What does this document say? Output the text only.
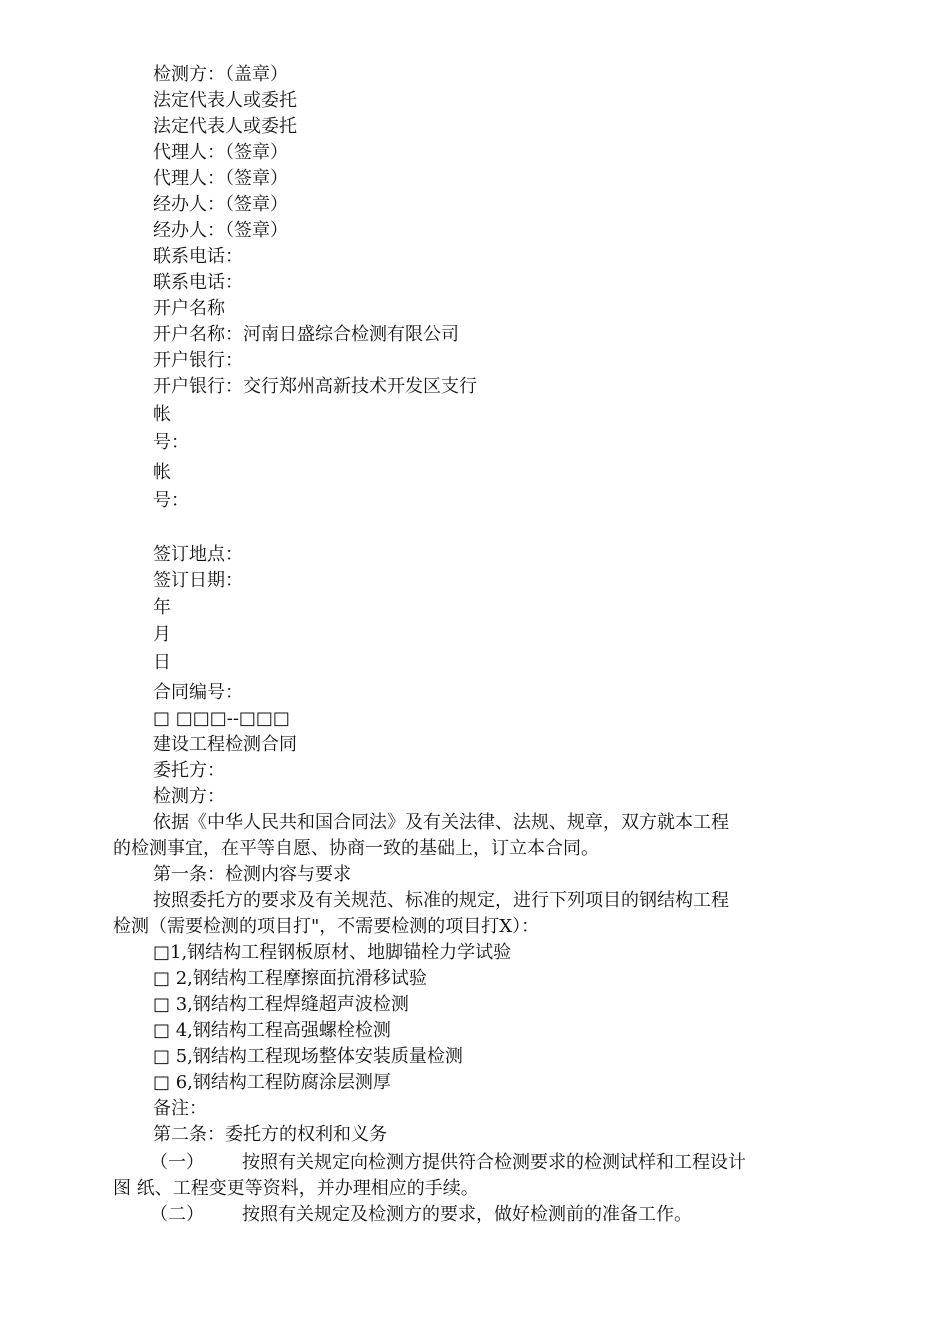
检测方：（盖章）

法定代表人或委托

法定代表人或委托

代理人：（签章）

代理人：（签章）

经办人：（签章）

经办人：（签章）

联系电话：

联系电话：

开户名称

开户名称：河南日盛综合检测有限公司

开户银行：

开户银行：交行郑州高新技术开发区支行

帐

号：

帐

号：

签订地点：

签订日期：

年

月

日

合同编号：

□ □□□--□□□

建设工程检测合同

委托方：

检测方：

依据《中华人民共和国合同法》及有关法律、法规、规章，双方就本工程

的检测事宜，在平等自愿、协商一致的基础上，订立本合同。

第一条：检测内容与要求

按照委托方的要求及有关规范、标准的规定，进行下列项目的钢结构工程

检测（需要检测的项目打"，不需要检测的项目打X）：

□1,钢结构工程钢板原材、地脚锚栓力学试验

□ 2,钢结构工程摩擦面抗滑移试验

□ 3,钢结构工程焊缝超声波检测

□ 4,钢结构工程高强螺栓检测

□ 5,钢结构工程现场整体安装质量检测

□ 6,钢结构工程防腐涂层测厚

备注：

第二条：委托方的权利和义务

（一） 按照有关规定向检测方提供符合检测要求的检测试样和工程设计

图 纸、工程变更等资料，并办理相应的手续。

（二） 按照有关规定及检测方的要求，做好检测前的准备工作。
